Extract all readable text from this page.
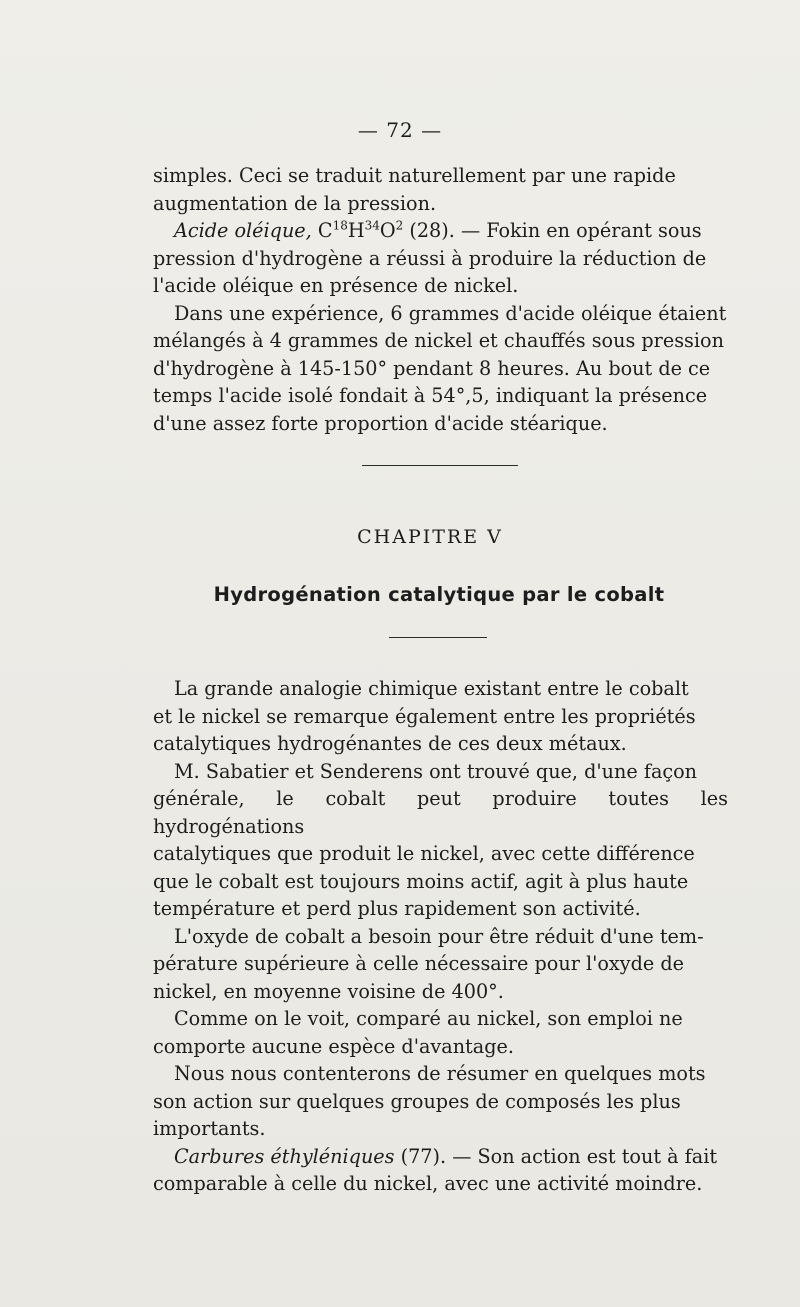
— 72 —

simples. Ceci se traduit naturellement par une rapide
augmentation de la pression.

Acide oléique, $C^{18}H^{34}O^2$ (28). — Fokin en opérant sous
pression d'hydrogène a réussi à produire la réduction de
l'acide oléique en présence de nickel.

Dans une expérience, 6 grammes d'acide oléique étaient
mélangés à 4 grammes de nickel et chauffés sous pression
d'hydrogène à 145-150° pendant 8 heures. Au bout de ce
temps l'acide isolé fondait à 54°,5, indiquant la présence
d'une assez forte proportion d'acide stéarique.

CHAPITRE V
Hydrogénation catalytique par le cobalt

La grande analogie chimique existant entre le cobalt
et le nickel se remarque également entre les propriétés
catalytiques hydrogénantes de ces deux métaux.

M. Sabatier et Senderens ont trouvé que, d'une façon
générale, le cobalt peut produire toutes les hydrogénations
catalytiques que produit le nickel, avec cette différence
que le cobalt est toujours moins actif, agit à plus haute
température et perd plus rapidement son activité.

L'oxyde de cobalt a besoin pour être réduit d'une tem-
pérature supérieure à celle nécessaire pour l'oxyde de
nickel, en moyenne voisine de 400°.

Comme on le voit, comparé au nickel, son emploi ne
comporte aucune espèce d'avantage.

Nous nous contenterons de résumer en quelques mots
son action sur quelques groupes de composés les plus
importants.

Carbures éthyléniques (77). — Son action est tout à fait
comparable à celle du nickel, avec une activité moindre.
